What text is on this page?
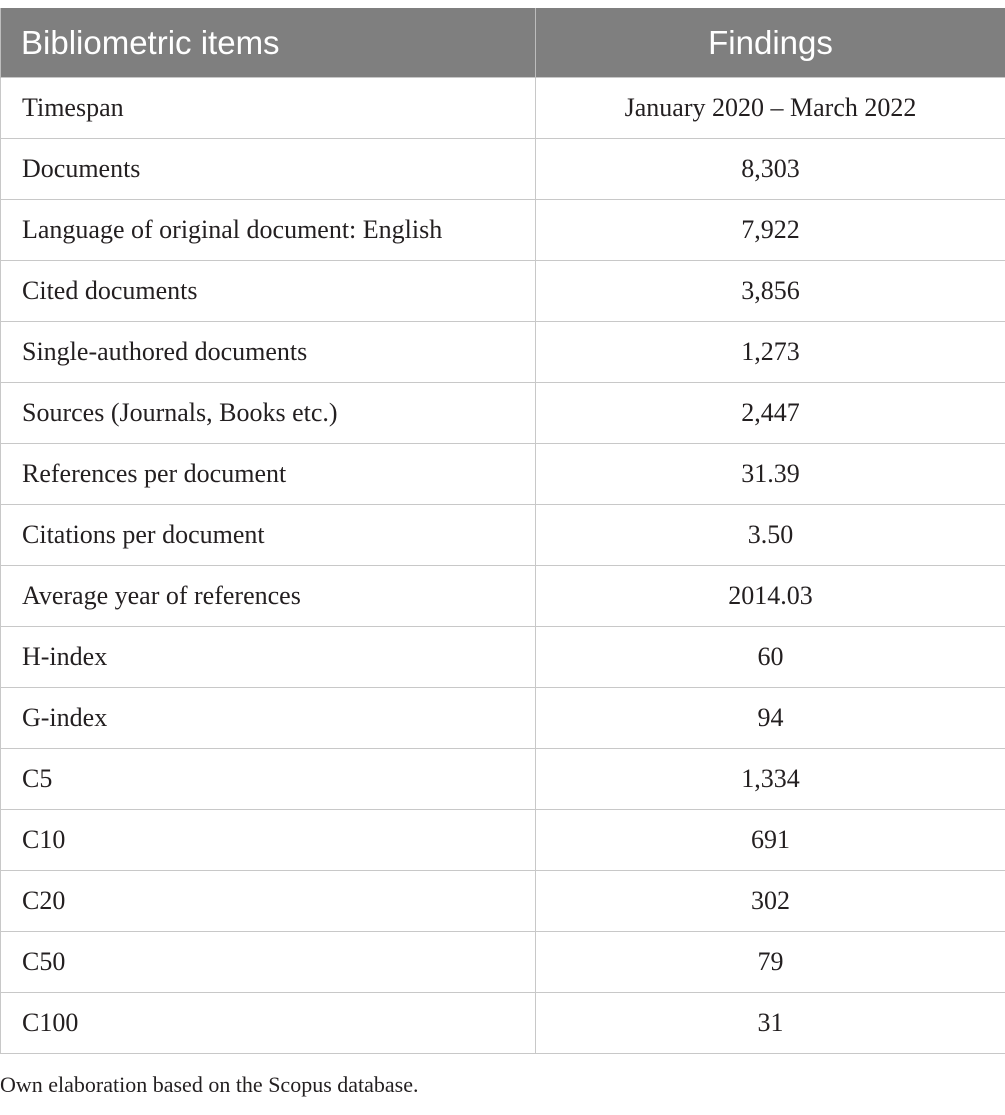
Bibliometric items	Findings
Timespan	January 2020 – March 2022
Documents	8,303
Language of original document: English	7,922
Cited documents	3,856
Single-authored documents	1,273
Sources (Journals, Books etc.)	2,447
References per document	31.39
Citations per document	3.50
Average year of references	2014.03
H-index	60
G-index	94
C5	1,334
C10	691
C20	302
C50	79
C100	31

Own elaboration based on the Scopus database.
